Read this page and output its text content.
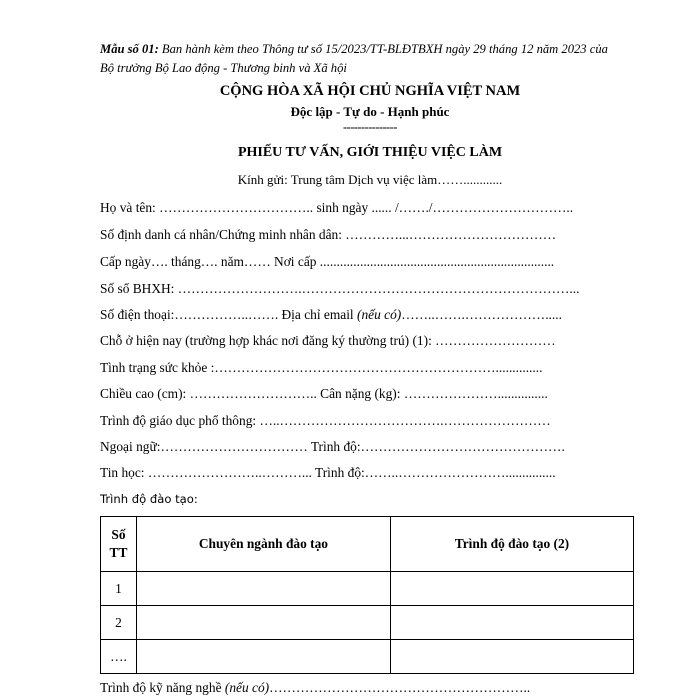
Mẫu số 01: Ban hành kèm theo Thông tư số 15/2023/TT-BLĐTBXH ngày 29 tháng 12 năm 2023 của Bộ trưởng Bộ Lao động - Thương binh và Xã hội
CỘNG HÒA XÃ HỘI CHỦ NGHĨA VIỆT NAM
Độc lập - Tự do - Hạnh phúc
---------------
PHIẾU TƯ VẤN, GIỚI THIỆU VIỆC LÀM
Kính gửi: Trung tâm Dịch vụ việc làm……............
Họ và tên: …………………………….. sinh ngày ...... /……./…………………………..
Số định danh cá nhân/Chứng minh nhân dân: …………...……………………………
Cấp ngày…. tháng…. năm…… Nơi cấp ......................................................................
Số sổ BHXH: ……………………….……………………………………………………...
Số điện thoại:……………..……. Địa chỉ email (nếu có)……..…….……………….....
Chỗ ở hiện nay (trường hợp khác nơi đăng ký thường trú) (1): ………………………
Tình trạng sức khỏe :………………………………………………………..............
Chiều cao (cm): ……………………….. Cân nặng (kg): …………………...............
Trình độ giáo dục phổ thông: …..……………………………….……………………
Ngoại ngữ:…………………………… Trình độ:……………………………………….
Tin học: ……………………..………... Trình độ:……..……………………...............
Trình độ đào tạo:
Số
TT	Chuyên ngành đào tạo	Trình độ đào tạo (2)
1		
2		
….		
Trình độ kỹ năng nghề (nếu có)…………………………………………………..
